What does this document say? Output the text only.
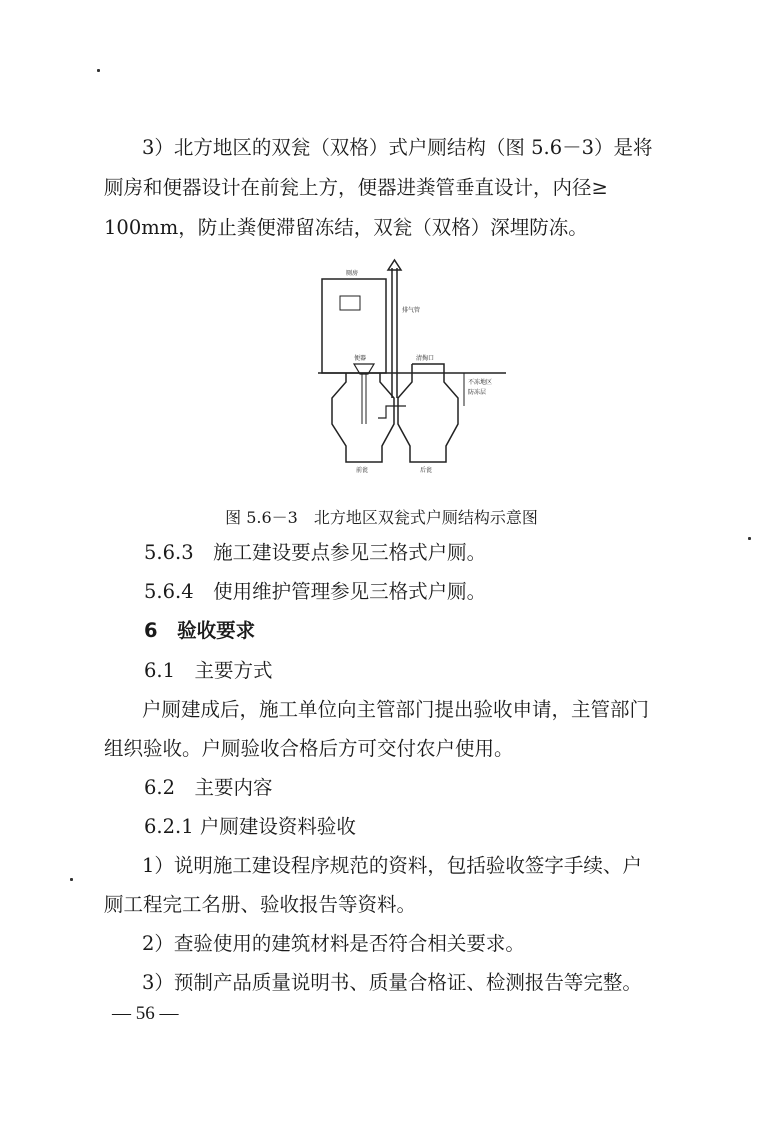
3）北方地区的双瓮（双格）式户厕结构（图 5.6－3）是将
厕房和便器设计在前瓮上方，便器进粪管垂直设计，内径≥
100mm，防止粪便滞留冻结，双瓮（双格）深埋防冻。
厕房
排气管
便器	清掏口
不冻地区
防冻层
前瓮	后瓮
图 5.6－3　北方地区双瓮式户厕结构示意图
5.6.3　施工建设要点参见三格式户厕。
5.6.4　使用维护管理参见三格式户厕。
6　验收要求
6.1　主要方式
户厕建成后，施工单位向主管部门提出验收申请，主管部门
组织验收。户厕验收合格后方可交付农户使用。
6.2　主要内容
6.2.1 户厕建设资料验收
1）说明施工建设程序规范的资料，包括验收签字手续、户
厕工程完工名册、验收报告等资料。
2）查验使用的建筑材料是否符合相关要求。
3）预制产品质量说明书、质量合格证、检测报告等完整。
— 56 —
